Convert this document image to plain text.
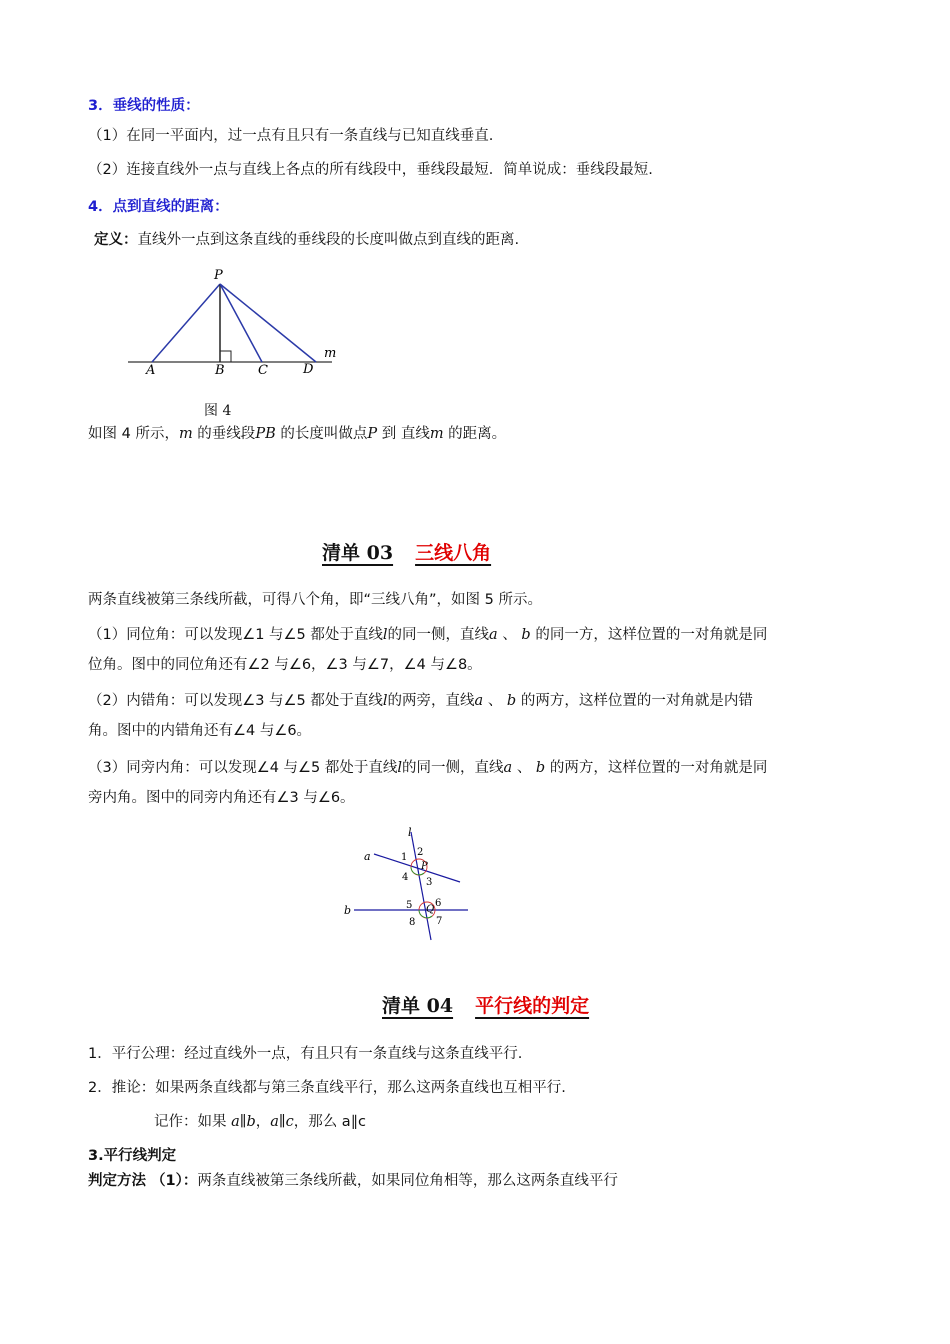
3．垂线的性质：
（1）在同一平面内，过一点有且只有一条直线与已知直线垂直.
（2）连接直线外一点与直线上各点的所有线段中，垂线段最短．简单说成：垂线段最短.
4．点到直线的距离：
定义：直线外一点到这条直线的垂线段的长度叫做点到直线的距离.
P
A	B	C	D
m
图 4
如图 4 所示，m 的垂线段PB 的长度叫做点P 到 直线m 的距离。
清单 03 三线八角
两条直线被第三条线所截，可得八个角，即“三线八角”，如图 5 所示。
（1）同位角：可以发现∠1 与∠5 都处于直线l的同一侧，直线a 、 b 的同一方，这样位置的一对角就是同
位角。图中的同位角还有∠2 与∠6，∠3 与∠7，∠4 与∠8。
（2）内错角：可以发现∠3 与∠5 都处于直线l的两旁，直线a 、 b 的两方，这样位置的一对角就是内错
角。图中的内错角还有∠4 与∠6。
（3）同旁内角：可以发现∠4 与∠5 都处于直线l的同一侧，直线a 、 b 的两方，这样位置的一对角就是同
旁内角。图中的同旁内角还有∠3 与∠6。
l
a
b
P
Q
1 2
3
4
5 6
7
8
清单 04 平行线的判定
1．平行公理：经过直线外一点，有且只有一条直线与这条直线平行.
2．推论：如果两条直线都与第三条直线平行，那么这两条直线也互相平行.
记作：如果 a∥b，a∥c，那么 a∥c
3.平行线判定
判定方法 （1）：两条直线被第三条线所截，如果同位角相等，那么这两条直线平行
